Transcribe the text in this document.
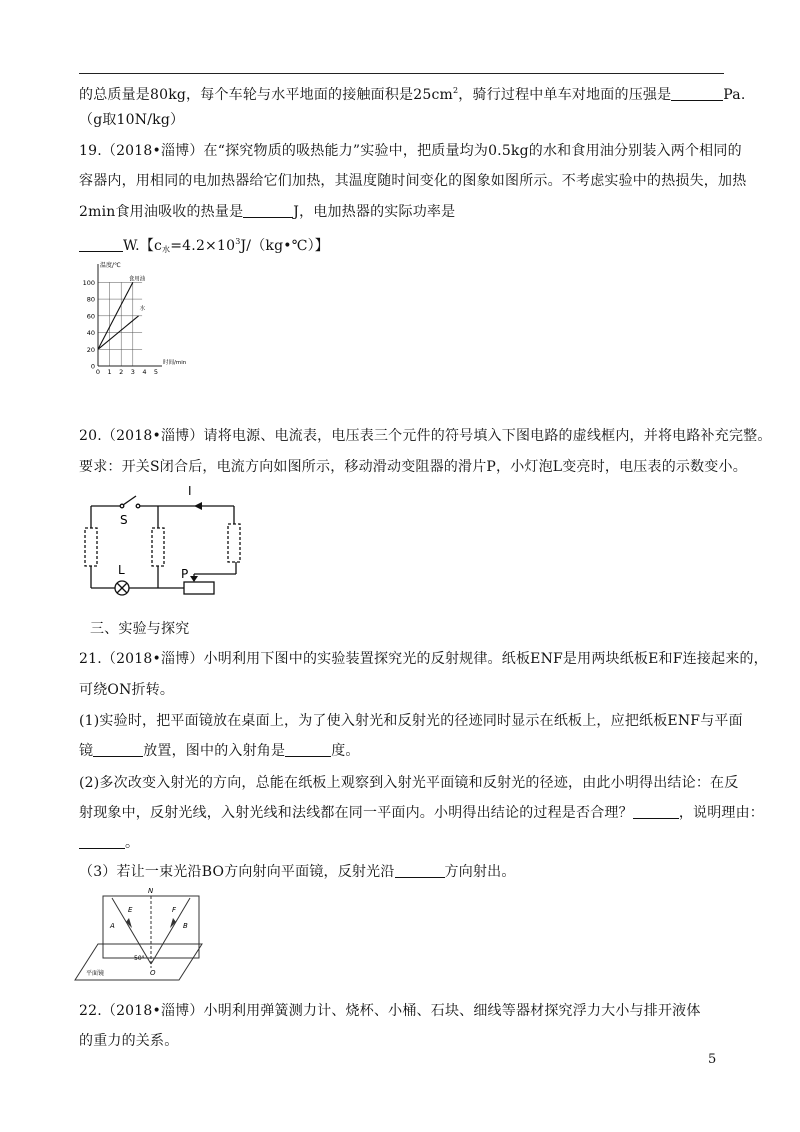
的总质量是80kg，每个车轮与水平地面的接触面积是$25cm^2$，骑行过程中单车对地面的压强是	Pa.
（g取10N/kg）
19.（2018•淄博）在“探究物质的吸热能力”实验中，把质量均为0.5kg的水和食用油分别装入两个相同的
容器内，用相同的电加热器给它们加热，其温度随时间变化的图象如图所示。不考虑实验中的热损失，加热
2min食用油吸收的热量是	J，电加热器的实际功率是
W.【$c_水=4.2\times 10^3J/(kg•℃)$】
0
20
40
60
80
100
0 1 2 3 4 5
温度/℃
时间/min
食用油
水
20.（2018•淄博）请将电源、电流表，电压表三个元件的符号填入下图电路的虚线框内，并将电路补充完整。
要求：开关S闭合后，电流方向如图所示，移动滑动变阻器的滑片P，小灯泡L变亮时，电压表的示数变小。
S
I
L	P
三、实验与探究
21.（2018•淄博）小明利用下图中的实验装置探究光的反射规律。纸板ENF是用两块纸板E和F连接起来的，
可绕ON折转。
(1)实验时，把平面镜放在桌面上，为了使入射光和反射光的径迹同时显示在纸板上，应把纸板ENF与平面
镜	放置，图中的入射角是	度。
(2)多次改变入射光的方向，总能在纸板上观察到入射光平面镜和反射光的径迹，由此小明得出结论：在反
射现象中，反射光线，入射光线和法线都在同一平面内。小明得出结论的过程是否合理？	，说明理由：
。
（3）若让一束光沿BO方向射向平面镜，反射光沿	方向射出。
N
E	F
A	B
O
50°
平面镜
22.（2018•淄博）小明利用弹簧测力计、烧杯、小桶、石块、细线等器材探究浮力大小与排开液体
的重力的关系。
5
